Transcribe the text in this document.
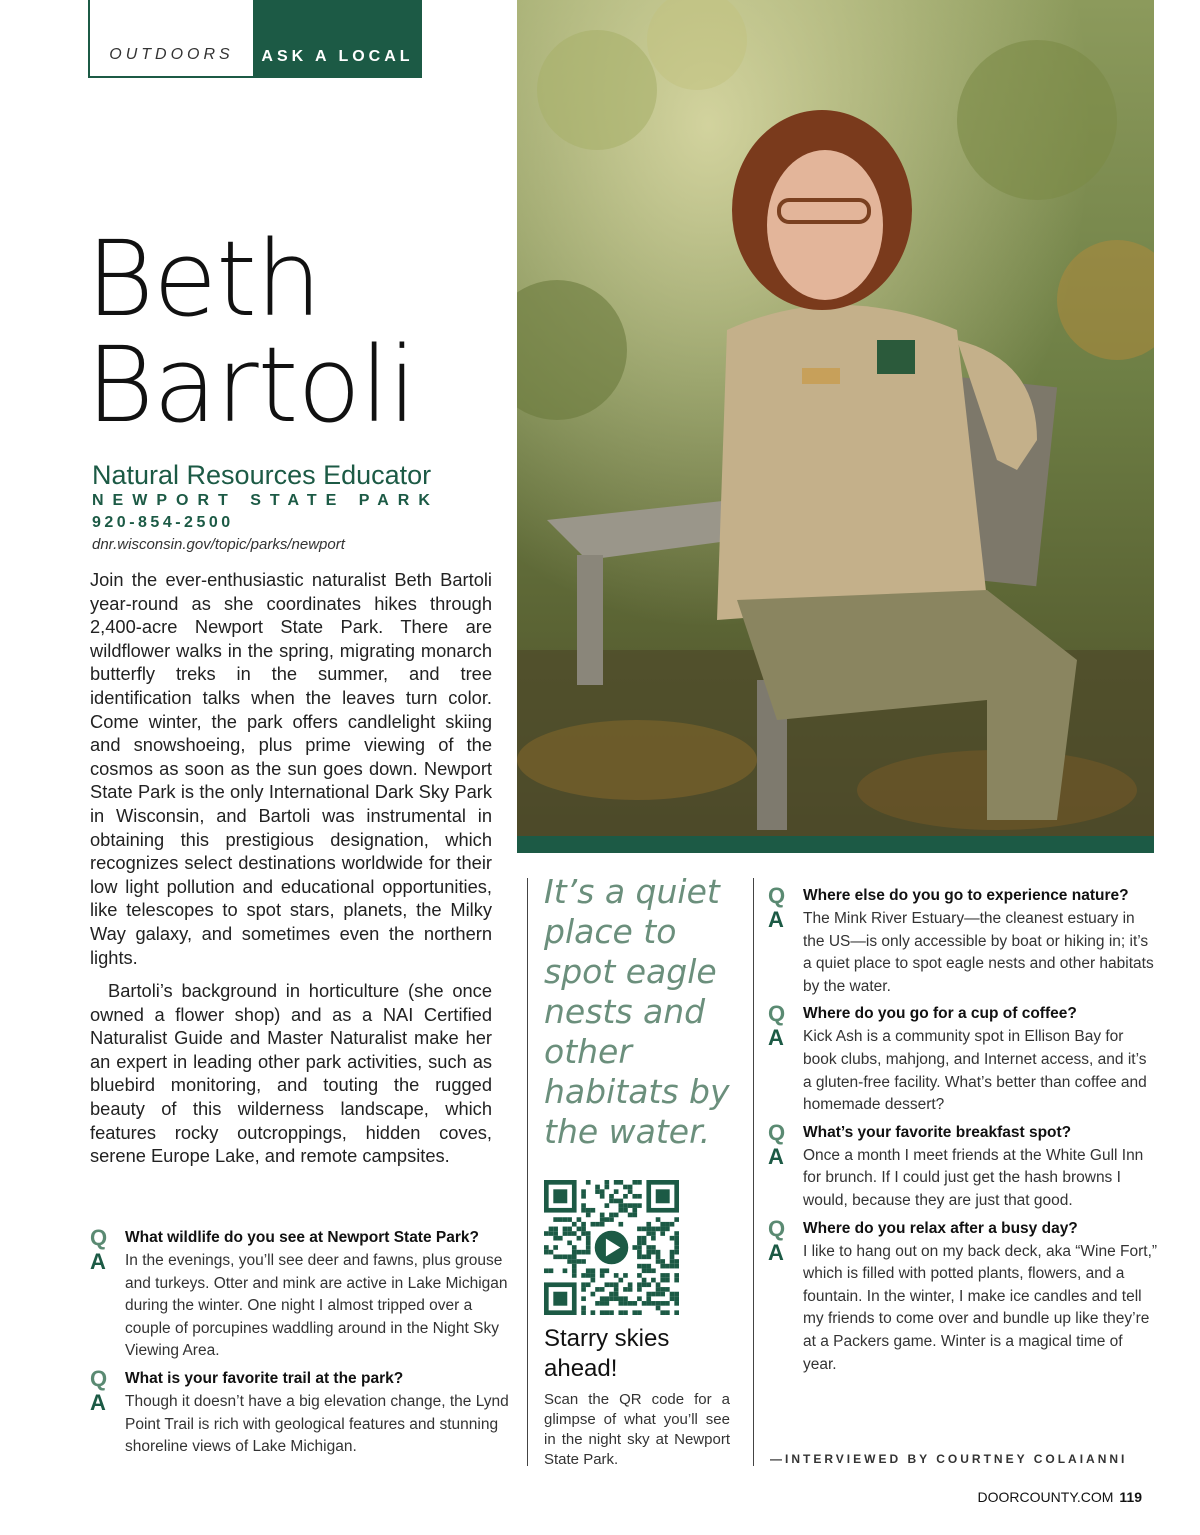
OUTDOORS	ASK A LOCAL
Beth
Bartoli
Natural Resources Educator
NEWPORT STATE PARK
920-854-2500
dnr.wisconsin.gov/topic/parks/newport

Join the ever-enthusiastic naturalist Beth Bartoli year-round as she coordinates hikes through 2,400-acre Newport State Park. There are wildflower walks in the spring, migrating monarch butterfly treks in the summer, and tree identification talks when the leaves turn color. Come winter, the park offers candlelight skiing and snowshoeing, plus prime viewing of the cosmos as soon as the sun goes down. Newport State Park is the only International Dark Sky Park in Wisconsin, and Bartoli was instrumental in obtaining this prestigious designation, which recognizes select destinations worldwide for their low light pollution and educational opportunities, like telescopes to spot stars, planets, the Milky Way galaxy, and sometimes even the northern lights.

Bartoli’s background in horticulture (she once owned a flower shop) and as a NAI Certified Naturalist Guide and Master Naturalist make her an expert in leading other park activities, such as bluebird monitoring, and touting the rugged beauty of this wilderness landscape, which features rocky outcroppings, hidden coves, serene Europe Lake, and remote campsites.

Q	What wildlife do you see at Newport State Park?
A	In the evenings, you’ll see deer and fawns, plus grouse and turkeys. Otter and mink are active in Lake Michigan during the winter. One night I almost tripped over a couple of porcupines waddling around in the Night Sky Viewing Area.
Q	What is your favorite trail at the park?
A	Though it doesn’t have a big elevation change, the Lynd Point Trail is rich with geological features and stunning shoreline views of Lake Michigan.
It’s a quiet place to spot eagle nests and other habitats by the water.
Starry skies ahead!
Scan the QR code for a glimpse of what you’ll see in the night sky at Newport State Park.
Q	Where else do you go to experience nature?
A	The Mink River Estuary—the cleanest estuary in the US—is only accessible by boat or hiking in; it’s a quiet place to spot eagle nests and other habitats by the water.
Q	Where do you go for a cup of coffee?
A	Kick Ash is a community spot in Ellison Bay for book clubs, mahjong, and Internet access, and it’s a gluten-free facility. What’s better than coffee and homemade dessert?
Q	What’s your favorite breakfast spot?
A	Once a month I meet friends at the White Gull Inn for brunch. If I could just get the hash browns I would, because they are just that good.
Q	Where do you relax after a busy day?
A	I like to hang out on my back deck, aka “Wine Fort,” which is filled with potted plants, flowers, and a fountain. In the winter, I make ice candles and tell my friends to come over and bundle up like they’re at a Packers game. Winter is a magical time of year.
—INTERVIEWED BY COURTNEY COLAIANNI
DOORCOUNTY.COM 119
